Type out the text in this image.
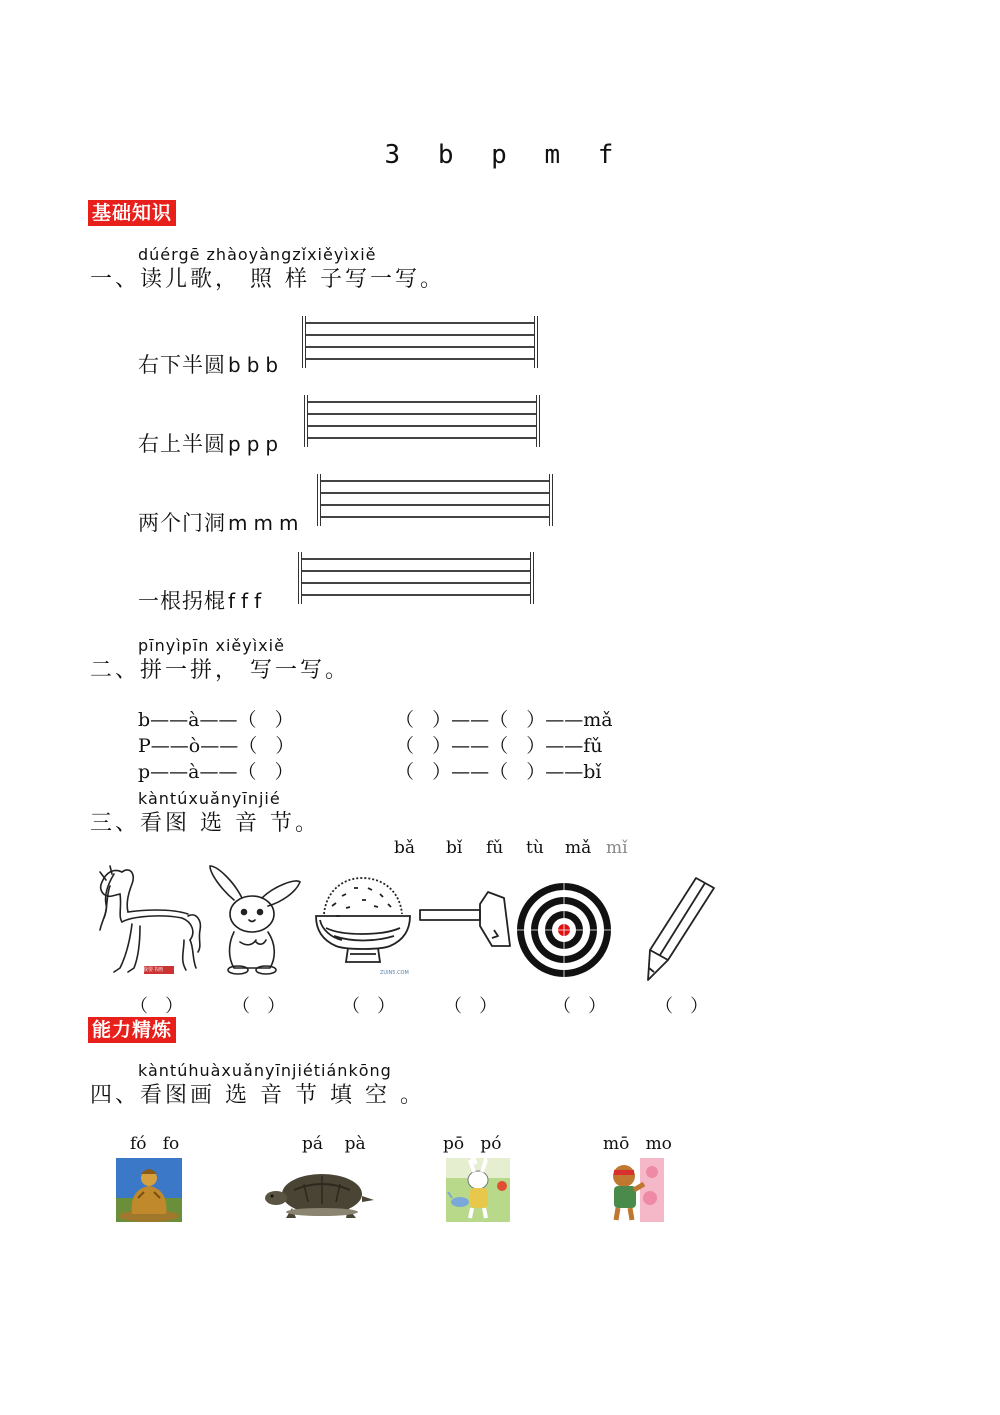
3 b p m f
基础知识
dúérgē zhàoyàngzǐxiěyìxiě
一、读儿歌， 照 样 子写一写。
右下半圆 bbb
右上半圆 ppp
两个门洞 mmm
一根拐棍 fff
pīnyìpīn xiěyìxiě
二、拼一拼， 写一写。
b——à——（   ）	（   ）——（   ）——mǎ
P——ò——（   ）	（   ）——（   ）——fǔ
p——à——（   ）	（   ）——（   ）——bǐ
kàntúxuǎnyīnjié
三、看图 选 音 节。
bǎ bǐ fǔ tù mǎ mǐ
我要书画	ZUIN5.COM
（   ）	（   ）	（   ）	（   ）	（   ）	（   ）
能力精炼
kàntúhuàxuǎnyīnjiétiánkōng
四、看图画 选 音 节 填 空 。
fó   fo	pá    pà	pō   pó	mō   mo
